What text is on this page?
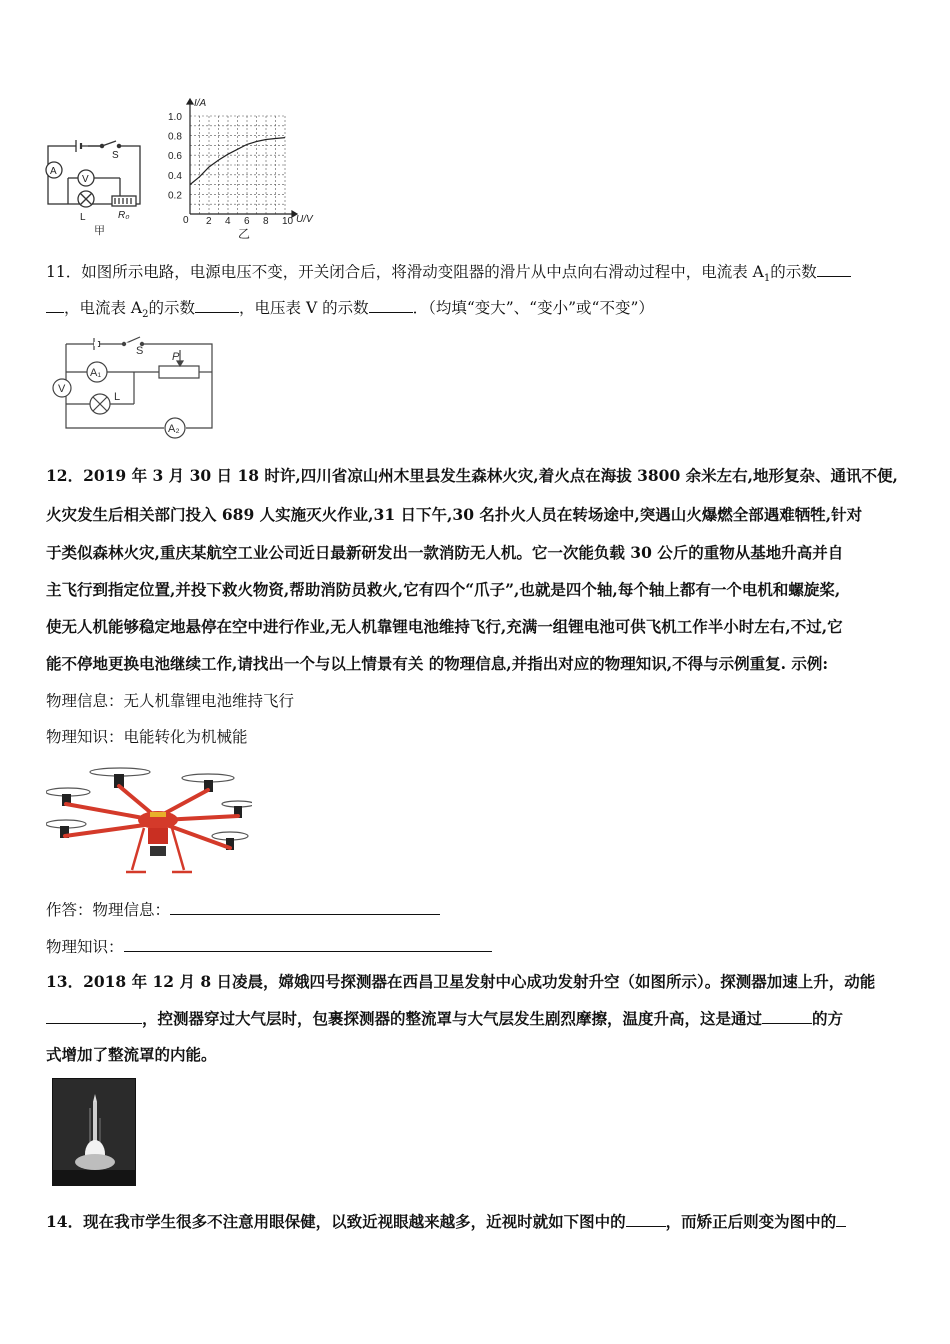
A
V
S
L	R₀
甲
1.0
0.8
0.6
0.4
0.2
2 4 6 8 10
I/A
U/V
0
乙
11．如图所示电路，电源电压不变，开关闭合后，将滑动变阻器的滑片从中点向右滑动过程中，电流表 $A_1$的示数
，电流表 $A_2$的示数	，电压表 V 的示数	．（均填“变大”、“变小”或“不变”）
S	P
A₁
A₂
V
L
12．2019 年 3 月 30 日 18 时许,四川省凉山州木里县发生森林火灾,着火点在海拔 3800 余米左右,地形复杂、通讯不便,
火灾发生后相关部门投入 689 人实施灭火作业,31 日下午,30 名扑火人员在转场途中,突遇山火爆燃全部遇难牺牲,针对
于类似森林火灾,重庆某航空工业公司近日最新研发出一款消防无人机。它一次能负载 30 公斤的重物从基地升高并自
主飞行到指定位置,并投下救火物资,帮助消防员救火,它有四个“爪子”,也就是四个轴,每个轴上都有一个电机和螺旋桨,
使无人机能够稳定地悬停在空中进行作业,无人机靠锂电池维持飞行,充满一组锂电池可供飞机工作半小时左右,不过,它
能不停地更换电池继续工作,请找出一个与以上情景有关 的物理信息,并指出对应的物理知识,不得与示例重复. 示例:
物理信息：无人机靠锂电池维持飞行
物理知识：电能转化为机械能
作答：物理信息：
物理知识：
13．2018 年 12 月 8 日凌晨，嫦娥四号探测器在西昌卫星发射中心成功发射升空（如图所示）。探测器加速上升，动能
，控测器穿过大气层时，包裹探测器的整流罩与大气层发生剧烈摩擦，温度升高，这是通过	的方
式增加了整流罩的内能。
14．现在我市学生很多不注意用眼保健，以致近视眼越来越多，近视时就如下图中的	，而矫正后则变为图中的
